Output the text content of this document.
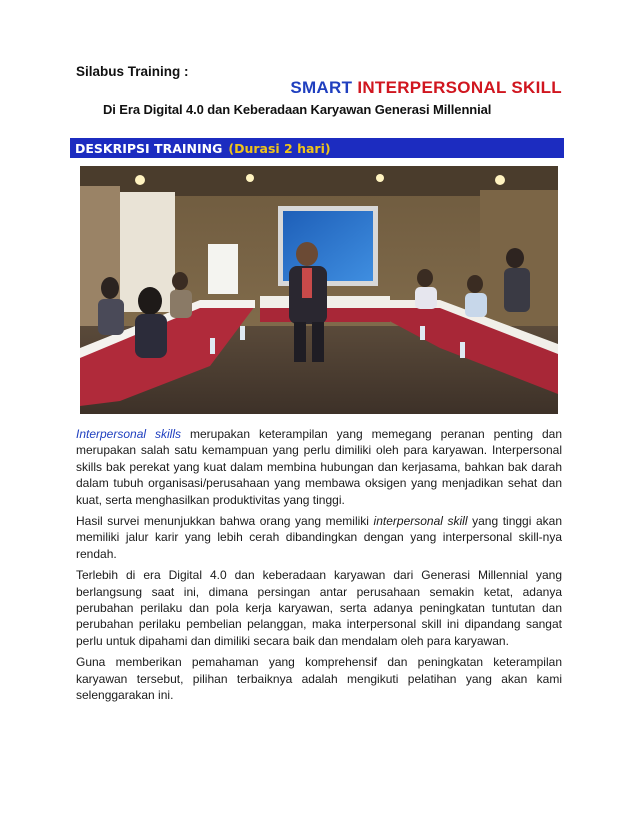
Silabus Training :
SMART INTERPERSONAL SKILL
Di Era Digital 4.0 dan Keberadaan Karyawan Generasi Millennial
DESKRIPSI TRAINING (Durasi 2 hari)

Interpersonal skills merupakan keterampilan yang memegang peranan penting dan merupakan salah satu kemampuan yang perlu dimiliki oleh para karyawan. Interpersonal skills bak perekat yang kuat dalam membina hubungan dan kerjasama, bahkan bak darah dalam tubuh organisasi/perusahaan yang membawa oksigen yang menjadikan sehat dan kuat, serta menghasilkan produktivitas yang tinggi.

Hasil survei menunjukkan bahwa orang yang memiliki interpersonal skill yang tinggi akan memiliki jalur karir yang lebih cerah dibandingkan dengan yang interpersonal skill-nya rendah.

Terlebih di era Digital 4.0 dan keberadaan karyawan dari Generasi Millennial yang berlangsung saat ini, dimana persingan antar perusahaan semakin ketat, adanya perubahan perilaku dan pola kerja karyawan, serta adanya peningkatan tuntutan dan perubahan perilaku pembelian pelanggan, maka interpersonal skill ini dipandang sangat perlu untuk dipahami dan dimiliki secara baik dan mendalam oleh para karyawan.

Guna memberikan pemahaman yang komprehensif dan peningkatan keterampilan karyawan tersebut, pilihan terbaiknya adalah mengikuti pelatihan yang akan kami selenggarakan ini.
